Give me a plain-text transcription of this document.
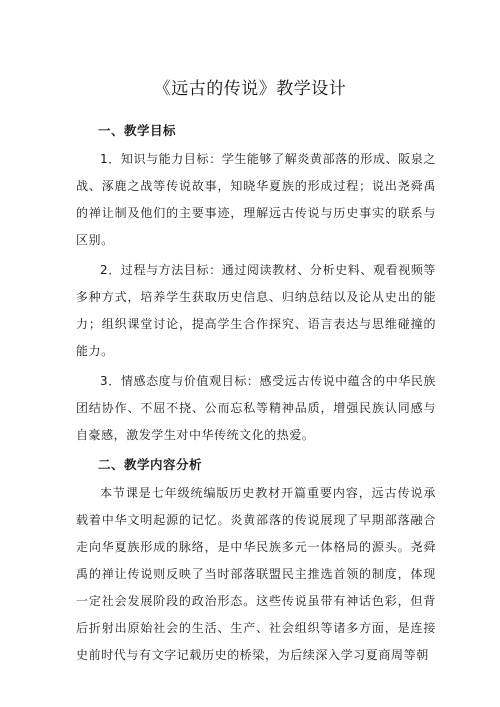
《远古的传说》教学设计
一、教学目标

1．知识与能力目标：学生能够了解炎黄部落的形成、阪泉之战、涿鹿之战等传说故事，知晓华夏族的形成过程；说出尧舜禹的禅让制及他们的主要事迹，理解远古传说与历史事实的联系与区别。

2．过程与方法目标：通过阅读教材、分析史料、观看视频等多种方式，培养学生获取历史信息、归纳总结以及论从史出的能力；组织课堂讨论，提高学生合作探究、语言表达与思维碰撞的能力。

3．情感态度与价值观目标：感受远古传说中蕴含的中华民族团结协作、不屈不挠、公而忘私等精神品质，增强民族认同感与自豪感，激发学生对中华传统文化的热爱。

二、教学内容分析

本节课是七年级统编版历史教材开篇重要内容，远古传说承载着中华文明起源的记忆。炎黄部落的传说展现了早期部落融合走向华夏族形成的脉络，是中华民族多元一体格局的源头。尧舜禹的禅让传说则反映了当时部落联盟民主推选首领的制度，体现一定社会发展阶段的政治形态。这些传说虽带有神话色彩，但背后折射出原始社会的生活、生产、社会组织等诸多方面，是连接史前时代与有文字记载历史的桥梁，为后续深入学习夏商周等朝
